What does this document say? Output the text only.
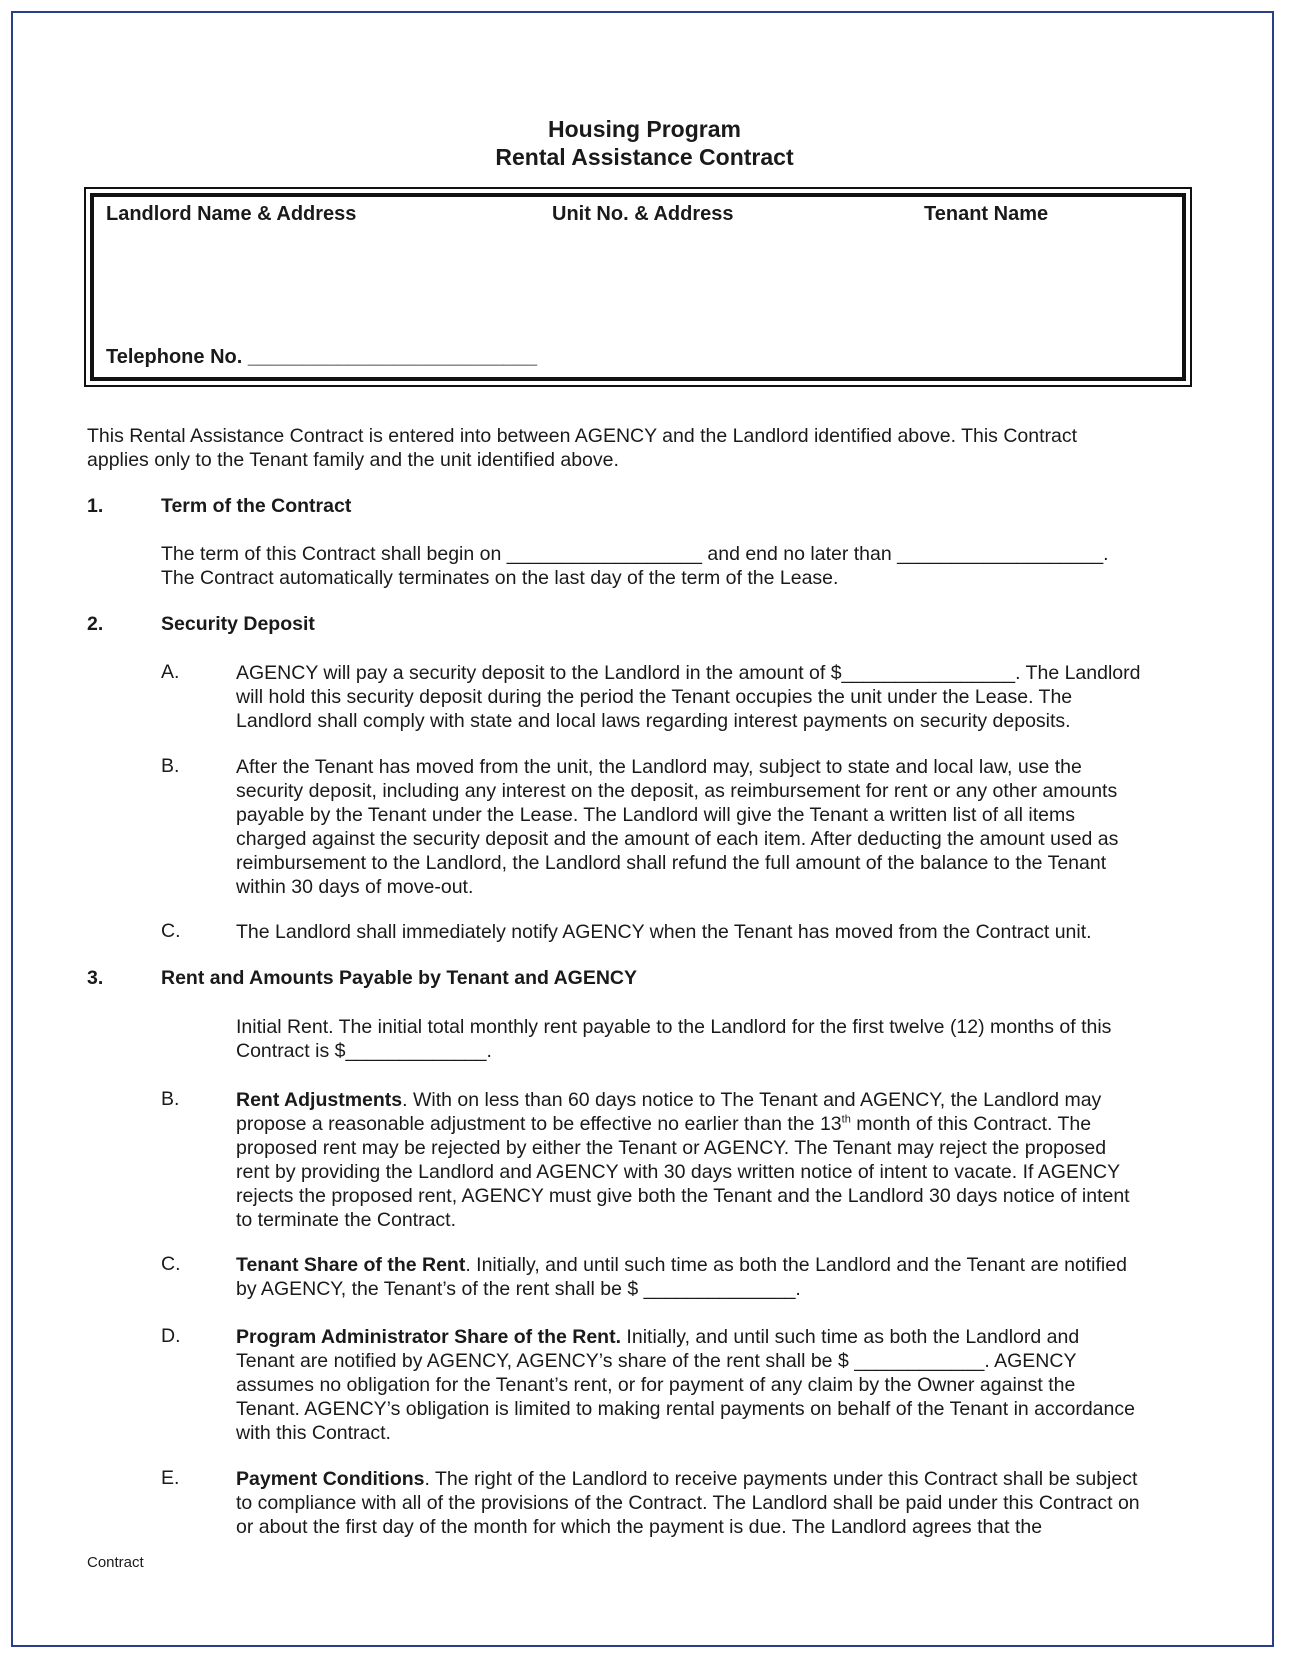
Housing Program
Rental Assistance Contract
Landlord Name & Address	Unit No. & Address	Tenant Name
Telephone No. __________________________
This Rental Assistance Contract is entered into between AGENCY and the Landlord identified above. This Contract
applies only to the Tenant family and the unit identified above.
1.	Term of the Contract
The term of this Contract shall begin on __________________ and end no later than ___________________.
The Contract automatically terminates on the last day of the term of the Lease.
2.	Security Deposit
A.	AGENCY will pay a security deposit to the Landlord in the amount of $________________. The Landlord
will hold this security deposit during the period the Tenant occupies the unit under the Lease. The
Landlord shall comply with state and local laws regarding interest payments on security deposits.
B.	After the Tenant has moved from the unit, the Landlord may, subject to state and local law, use the
security deposit, including any interest on the deposit, as reimbursement for rent or any other amounts
payable by the Tenant under the Lease. The Landlord will give the Tenant a written list of all items
charged against the security deposit and the amount of each item. After deducting the amount used as
reimbursement to the Landlord, the Landlord shall refund the full amount of the balance to the Tenant
within 30 days of move-out.
C.	The Landlord shall immediately notify AGENCY when the Tenant has moved from the Contract unit.
3.	Rent and Amounts Payable by Tenant and AGENCY
Initial Rent. The initial total monthly rent payable to the Landlord for the first twelve (12) months of this
Contract is $_____________.
B.	Rent Adjustments. With on less than 60 days notice to The Tenant and AGENCY, the Landlord may
propose a reasonable adjustment to be effective no earlier than the 13th month of this Contract. The
proposed rent may be rejected by either the Tenant or AGENCY. The Tenant may reject the proposed
rent by providing the Landlord and AGENCY with 30 days written notice of intent to vacate. If AGENCY
rejects the proposed rent, AGENCY must give both the Tenant and the Landlord 30 days notice of intent
to terminate the Contract.
C.	Tenant Share of the Rent. Initially, and until such time as both the Landlord and the Tenant are notified
by AGENCY, the Tenant’s of the rent shall be $ ______________.
D.	Program Administrator Share of the Rent. Initially, and until such time as both the Landlord and
Tenant are notified by AGENCY, AGENCY’s share of the rent shall be $ ____________. AGENCY
assumes no obligation for the Tenant’s rent, or for payment of any claim by the Owner against the
Tenant. AGENCY’s obligation is limited to making rental payments on behalf of the Tenant in accordance
with this Contract.
E.	Payment Conditions. The right of the Landlord to receive payments under this Contract shall be subject
to compliance with all of the provisions of the Contract. The Landlord shall be paid under this Contract on
or about the first day of the month for which the payment is due. The Landlord agrees that the
Contract
